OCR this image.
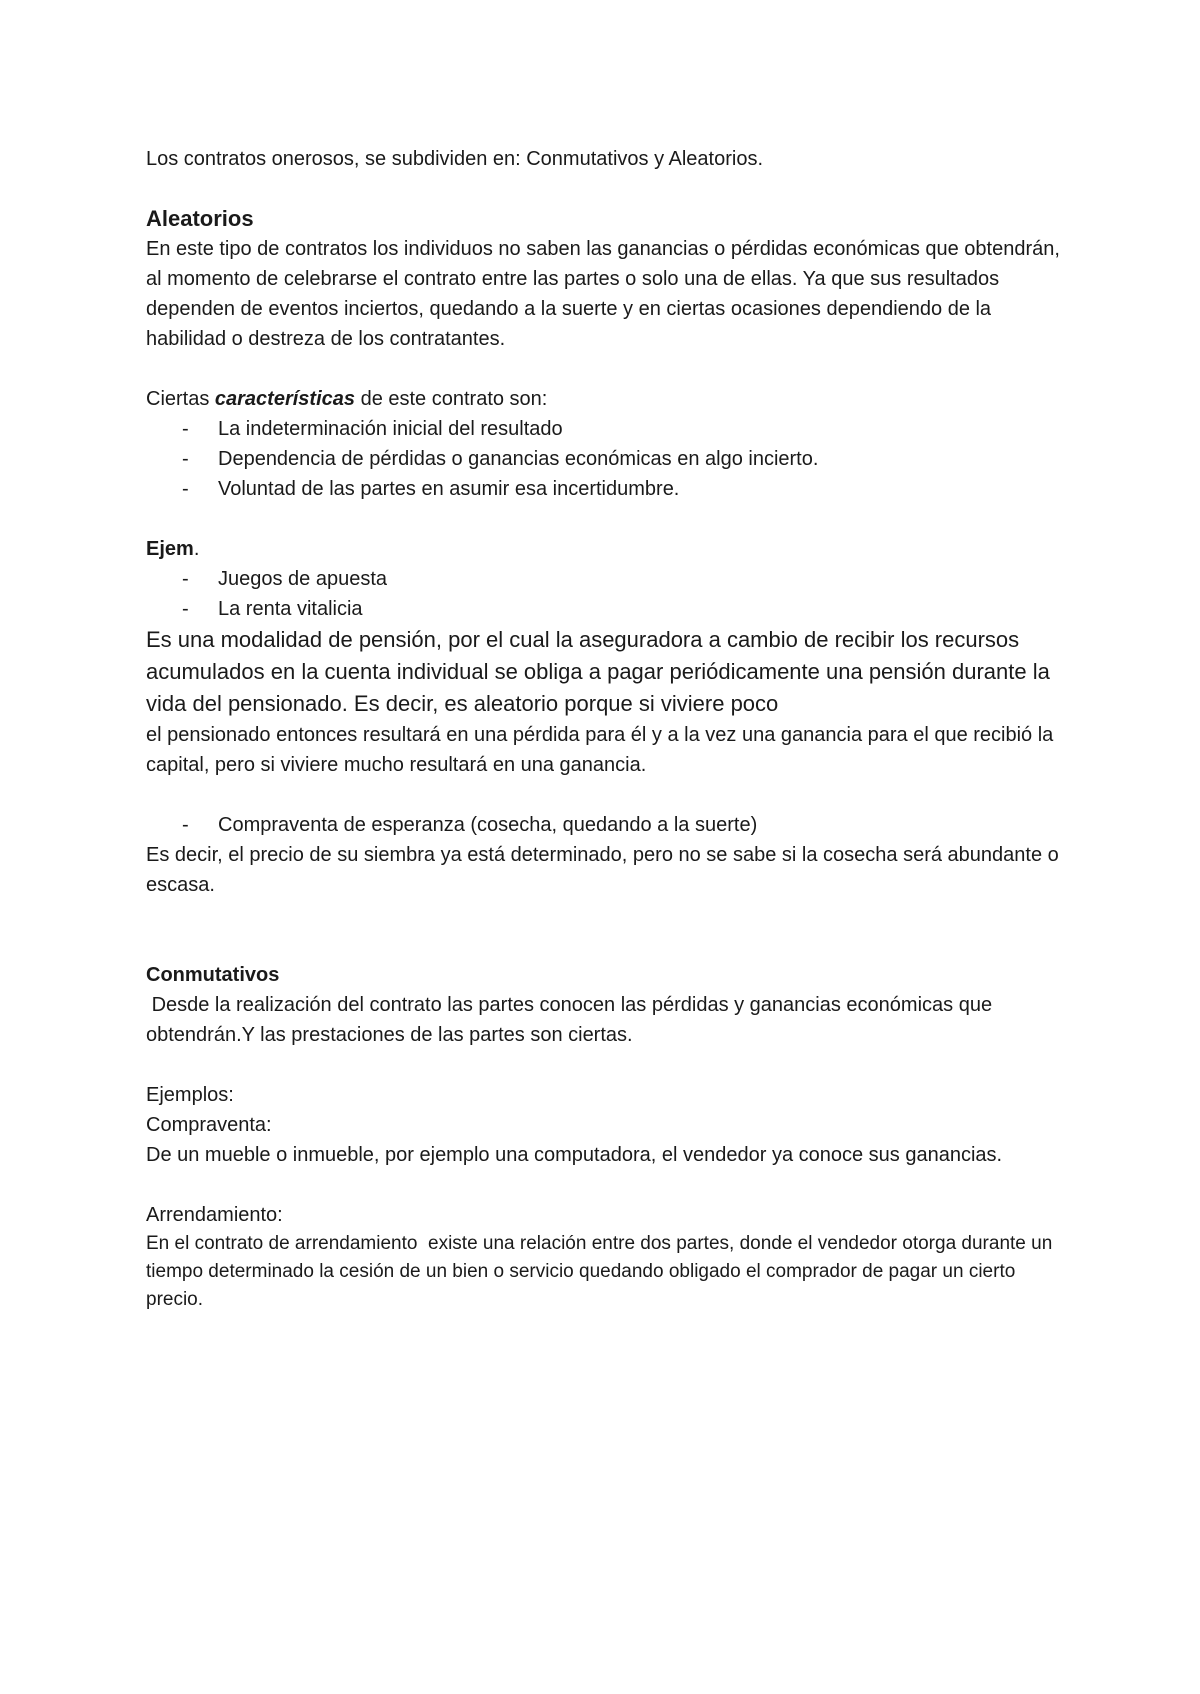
Los contratos onerosos, se subdividen en: Conmutativos y Aleatorios.

Aleatorios

En este tipo de contratos los individuos no saben las ganancias o pérdidas económicas que obtendrán, al momento de celebrarse el contrato entre las partes o solo una de ellas. Ya que sus resultados dependen de eventos inciertos, quedando a la suerte y en ciertas ocasiones dependiendo de la habilidad o destreza de los contratantes.

Ciertas características de este contrato son:

- La indeterminación inicial del resultado
- Dependencia de pérdidas o ganancias económicas en algo incierto.
- Voluntad de las partes en asumir esa incertidumbre.

Ejem.

- Juegos de apuesta
- La renta vitalicia

Es una modalidad de pensión, por el cual la aseguradora a cambio de recibir los recursos acumulados en la cuenta individual se obliga a pagar periódicamente una pensión durante la vida del pensionado. Es decir, es aleatorio porque si viviere poco

el pensionado entonces resultará en una pérdida para él y a la vez una ganancia para el que recibió la capital, pero si viviere mucho resultará en una ganancia.

- Compraventa de esperanza (cosecha, quedando a la suerte)

Es decir, el precio de su siembra ya está determinado, pero no se sabe si la cosecha será abundante o escasa.

Conmutativos

Desde la realización del contrato las partes conocen las pérdidas y ganancias económicas que obtendrán.Y las prestaciones de las partes son ciertas.

Ejemplos:

Compraventa:

De un mueble o inmueble, por ejemplo una computadora, el vendedor ya conoce sus ganancias.

Arrendamiento:

En el contrato de arrendamiento  existe una relación entre dos partes, donde el vendedor otorga durante un tiempo determinado la cesión de un bien o servicio quedando obligado el comprador de pagar un cierto precio.
